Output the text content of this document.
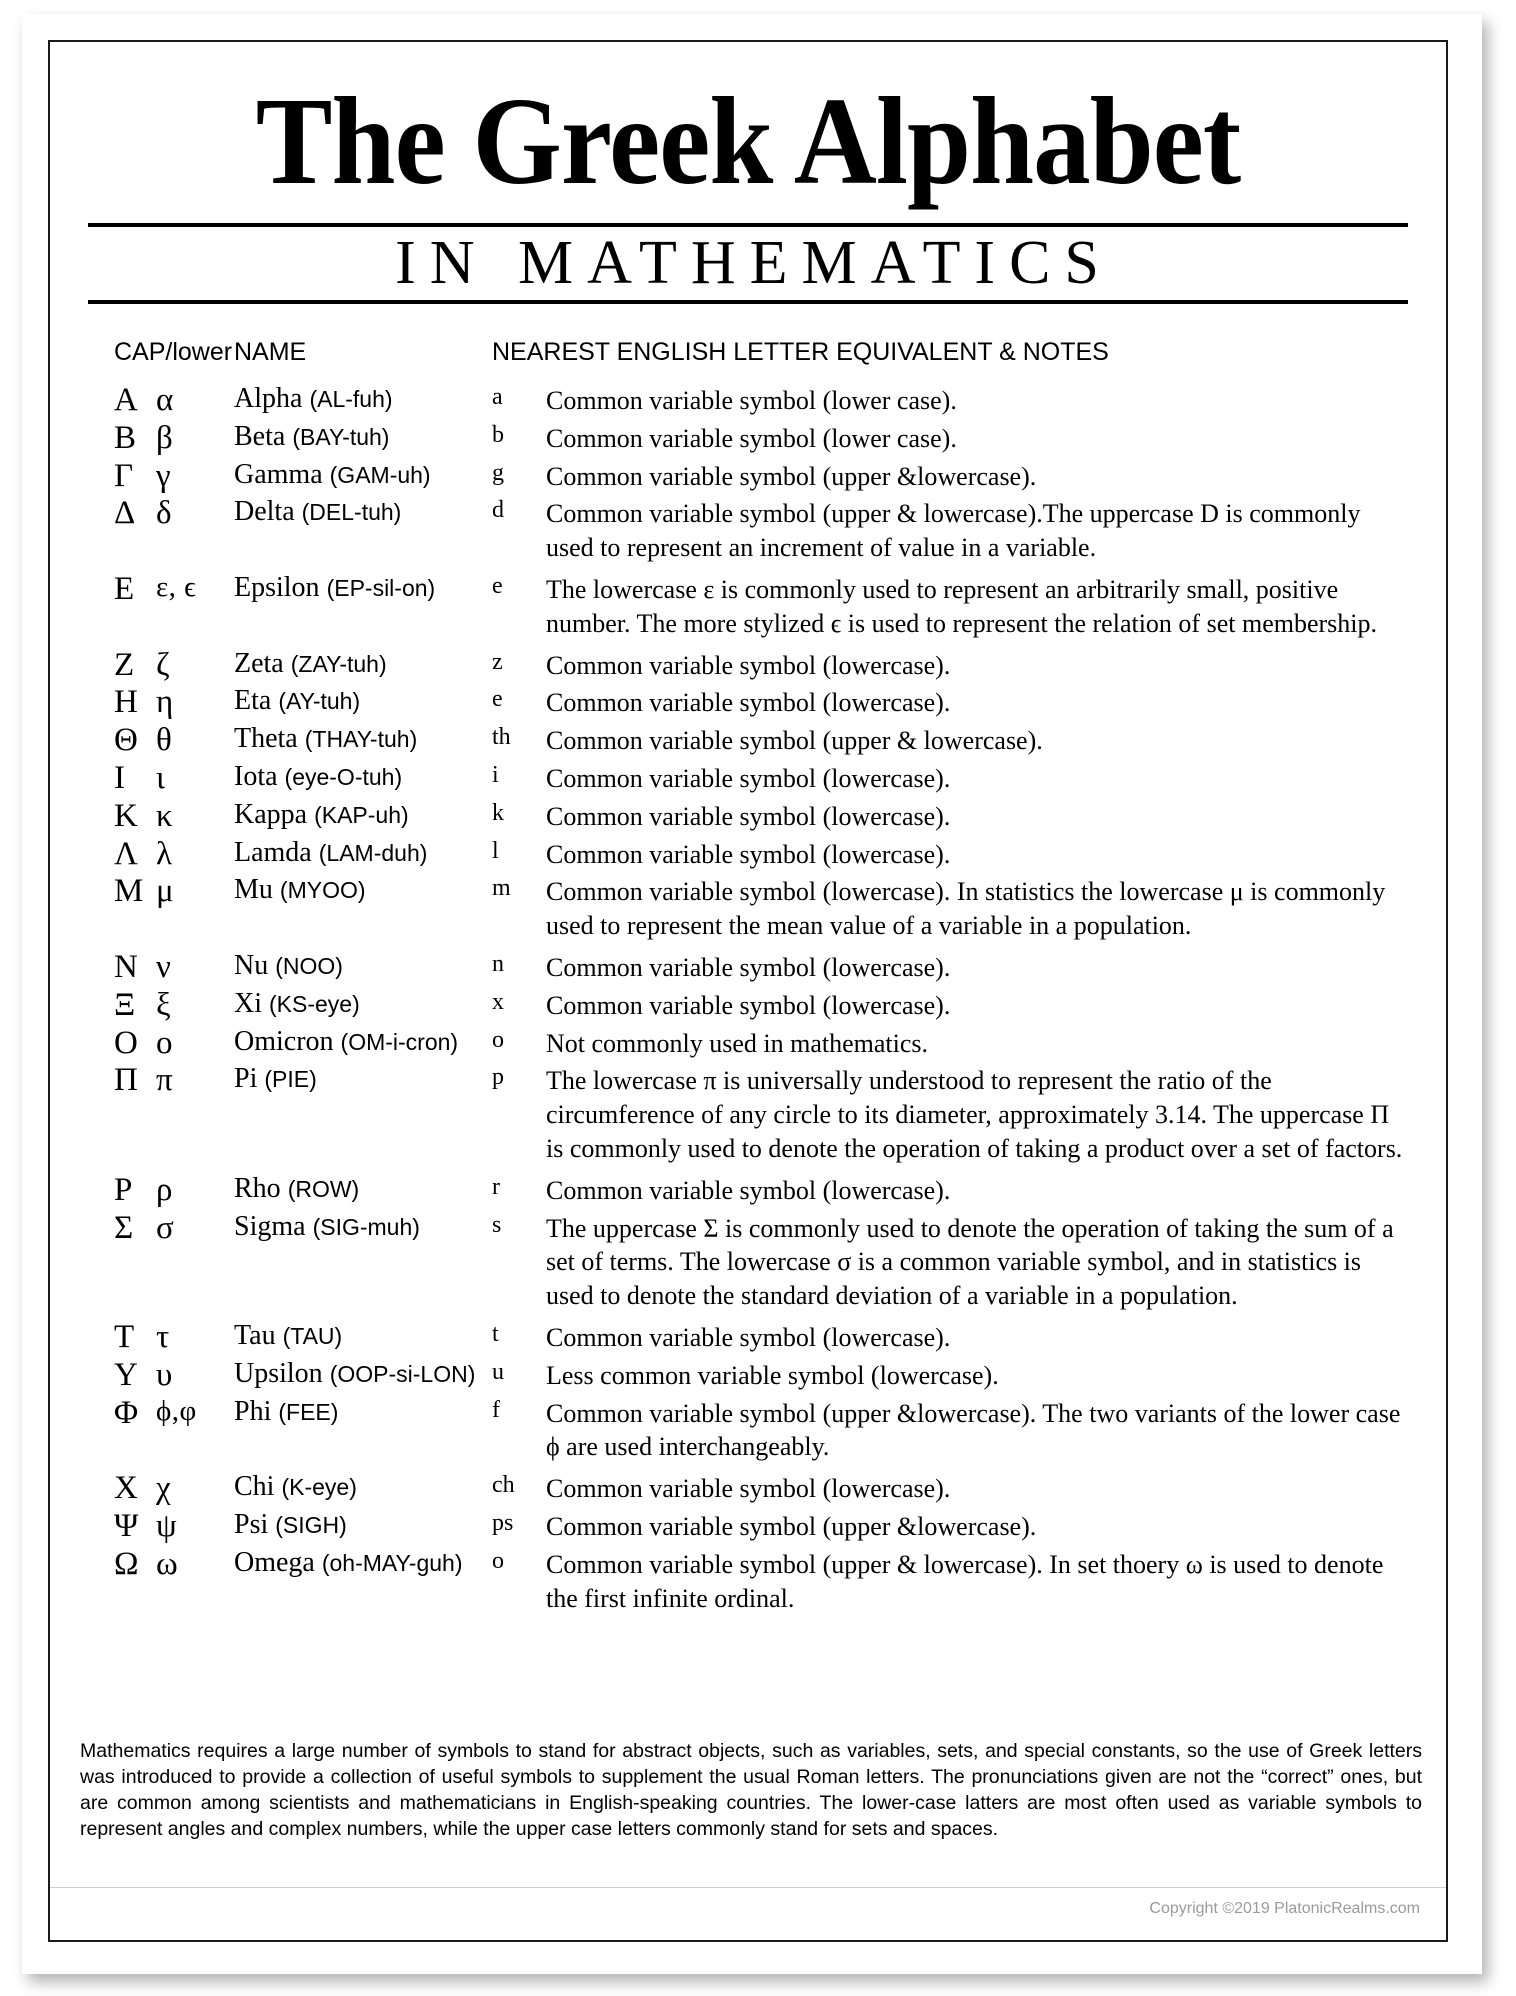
The Greek Alphabet
IN MATHEMATICS
CAP/lower		NAME	NEAREST ENGLISH LETTER EQUIVALENT & NOTES	
Α	α	Alpha (AL-fuh)	a	Common variable symbol (lower case).
Β	β	Beta (BAY-tuh)	b	Common variable symbol (lower case).
Γ	γ	Gamma (GAM-uh)	g	Common variable symbol (upper &lowercase).
Δ	δ	Delta (DEL-tuh)	d	Common variable symbol (upper & lowercase).The uppercase D is commonly used to represent an increment of value in a variable.
Ε	ε, ϵ	Epsilon (EP-sil-on)	e	The lowercase ε is commonly used to represent an arbitrarily small, positive number. The more stylized ϵ is used to represent the relation of set membership.
Ζ	ζ	Zeta (ZAY-tuh)	z	Common variable symbol (lowercase).
Η	η	Eta (AY-tuh)	e	Common variable symbol (lowercase).
Θ	θ	Theta (THAY-tuh)	th	Common variable symbol (upper & lowercase).
Ι	ι	Iota (eye-O-tuh)	i	Common variable symbol (lowercase).
Κ	κ	Kappa (KAP-uh)	k	Common variable symbol (lowercase).
Λ	λ	Lamda (LAM-duh)	l	Common variable symbol (lowercase).
Μ	μ	Mu (MYOO)	m	Common variable symbol (lowercase). In statistics the lowercase μ is commonly used to represent the mean value of a variable in a population.
Ν	ν	Nu (NOO)	n	Common variable symbol (lowercase).
Ξ	ξ	Xi (KS-eye)	x	Common variable symbol (lowercase).
Ο	ο	Omicron (OM-i-cron)	o	Not commonly used in mathematics.
Π	π	Pi (PIE)	p	The lowercase π is universally understood to represent the ratio of the circumference of any circle to its diameter, approximately 3.14. The uppercase Π is commonly used to denote the operation of taking a product over a set of factors.
Ρ	ρ	Rho (ROW)	r	Common variable symbol (lowercase).
Σ	σ	Sigma (SIG-muh)	s	The uppercase Σ is commonly used to denote the operation of taking the sum of a set of terms. The lowercase σ is a common variable symbol, and in statistics is used to denote the standard deviation of a variable in a population.
Τ	τ	Tau (TAU)	t	Common variable symbol (lowercase).
Υ	υ	Upsilon (OOP-si-LON)	u	Less common variable symbol (lowercase).
Φ	ϕ,φ	Phi (FEE)	f	Common variable symbol (upper &lowercase). The two variants of the lower case ϕ are used interchangeably.
Χ	χ	Chi (K-eye)	ch	Common variable symbol (lowercase).
Ψ	ψ	Psi (SIGH)	ps	Common variable symbol (upper &lowercase).
Ω	ω	Omega (oh-MAY-guh)	o	Common variable symbol (upper & lowercase). In set thoery ω is used to denote the first infinite ordinal.

Mathematics requires a large number of symbols to stand for abstract objects, such as variables, sets, and special constants, so the use of Greek letters was introduced to provide a collection of useful symbols to supplement the usual Roman letters. The pronunciations given are not the “correct” ones, but are common among scientists and mathematicians in English-speaking countries. The lower-case latters are most often used as variable symbols to represent angles and complex numbers, while the upper case letters commonly stand for sets and spaces.

Copyright ©2019 PlatonicRealms.com
